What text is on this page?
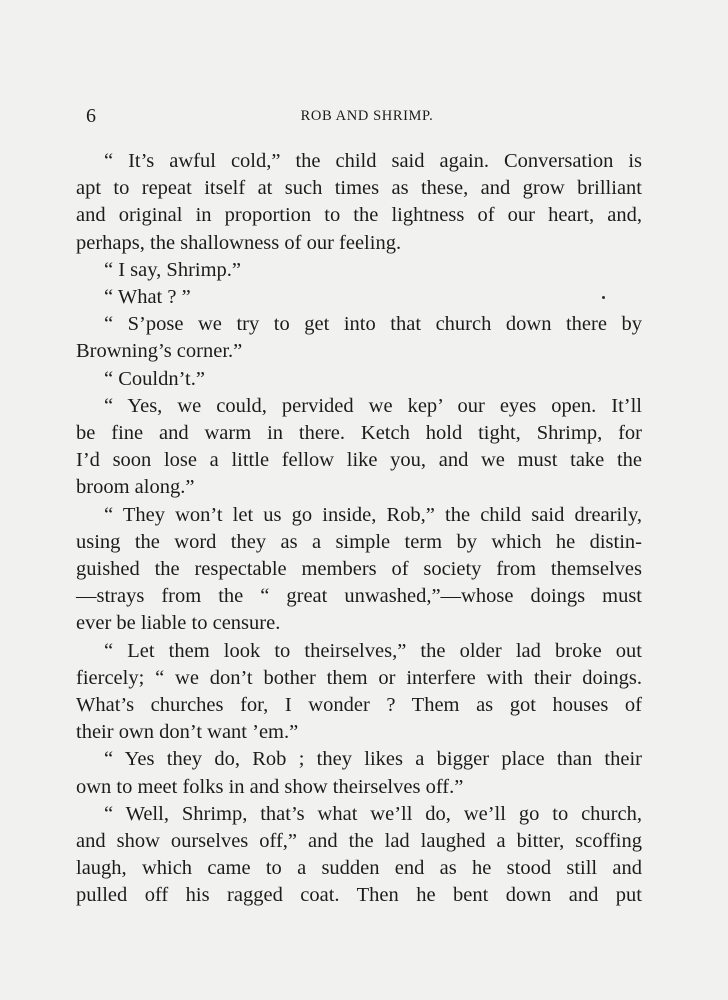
6	ROB AND SHRIMP.
“ It’s awful cold,” the child said again. Conversation is
apt to repeat itself at such times as these, and grow brilliant
and original in proportion to the lightness of our heart, and,
perhaps, the shallowness of our feeling.
“ I say, Shrimp.”
“ What ? ”
“ S’pose we try to get into that church down there by
Browning’s corner.”
“ Couldn’t.”
“ Yes, we could, pervided we kep’ our eyes open. It’ll
be fine and warm in there. Ketch hold tight, Shrimp, for
I’d soon lose a little fellow like you, and we must take the
broom along.”
“ They won’t let us go inside, Rob,” the child said drearily,
using the word they as a simple term by which he distin-
guished the respectable members of society from themselves
—strays from the “ great unwashed,”—whose doings must
ever be liable to censure.
“ Let them look to theirselves,” the older lad broke out
fiercely; “ we don’t bother them or interfere with their doings.
What’s churches for, I wonder ? Them as got houses of
their own don’t want ’em.”
“ Yes they do, Rob ; they likes a bigger place than their
own to meet folks in and show theirselves off.”
“ Well, Shrimp, that’s what we’ll do, we’ll go to church,
and show ourselves off,” and the lad laughed a bitter, scoffing
laugh, which came to a sudden end as he stood still and
pulled off his ragged coat. Then he bent down and put
